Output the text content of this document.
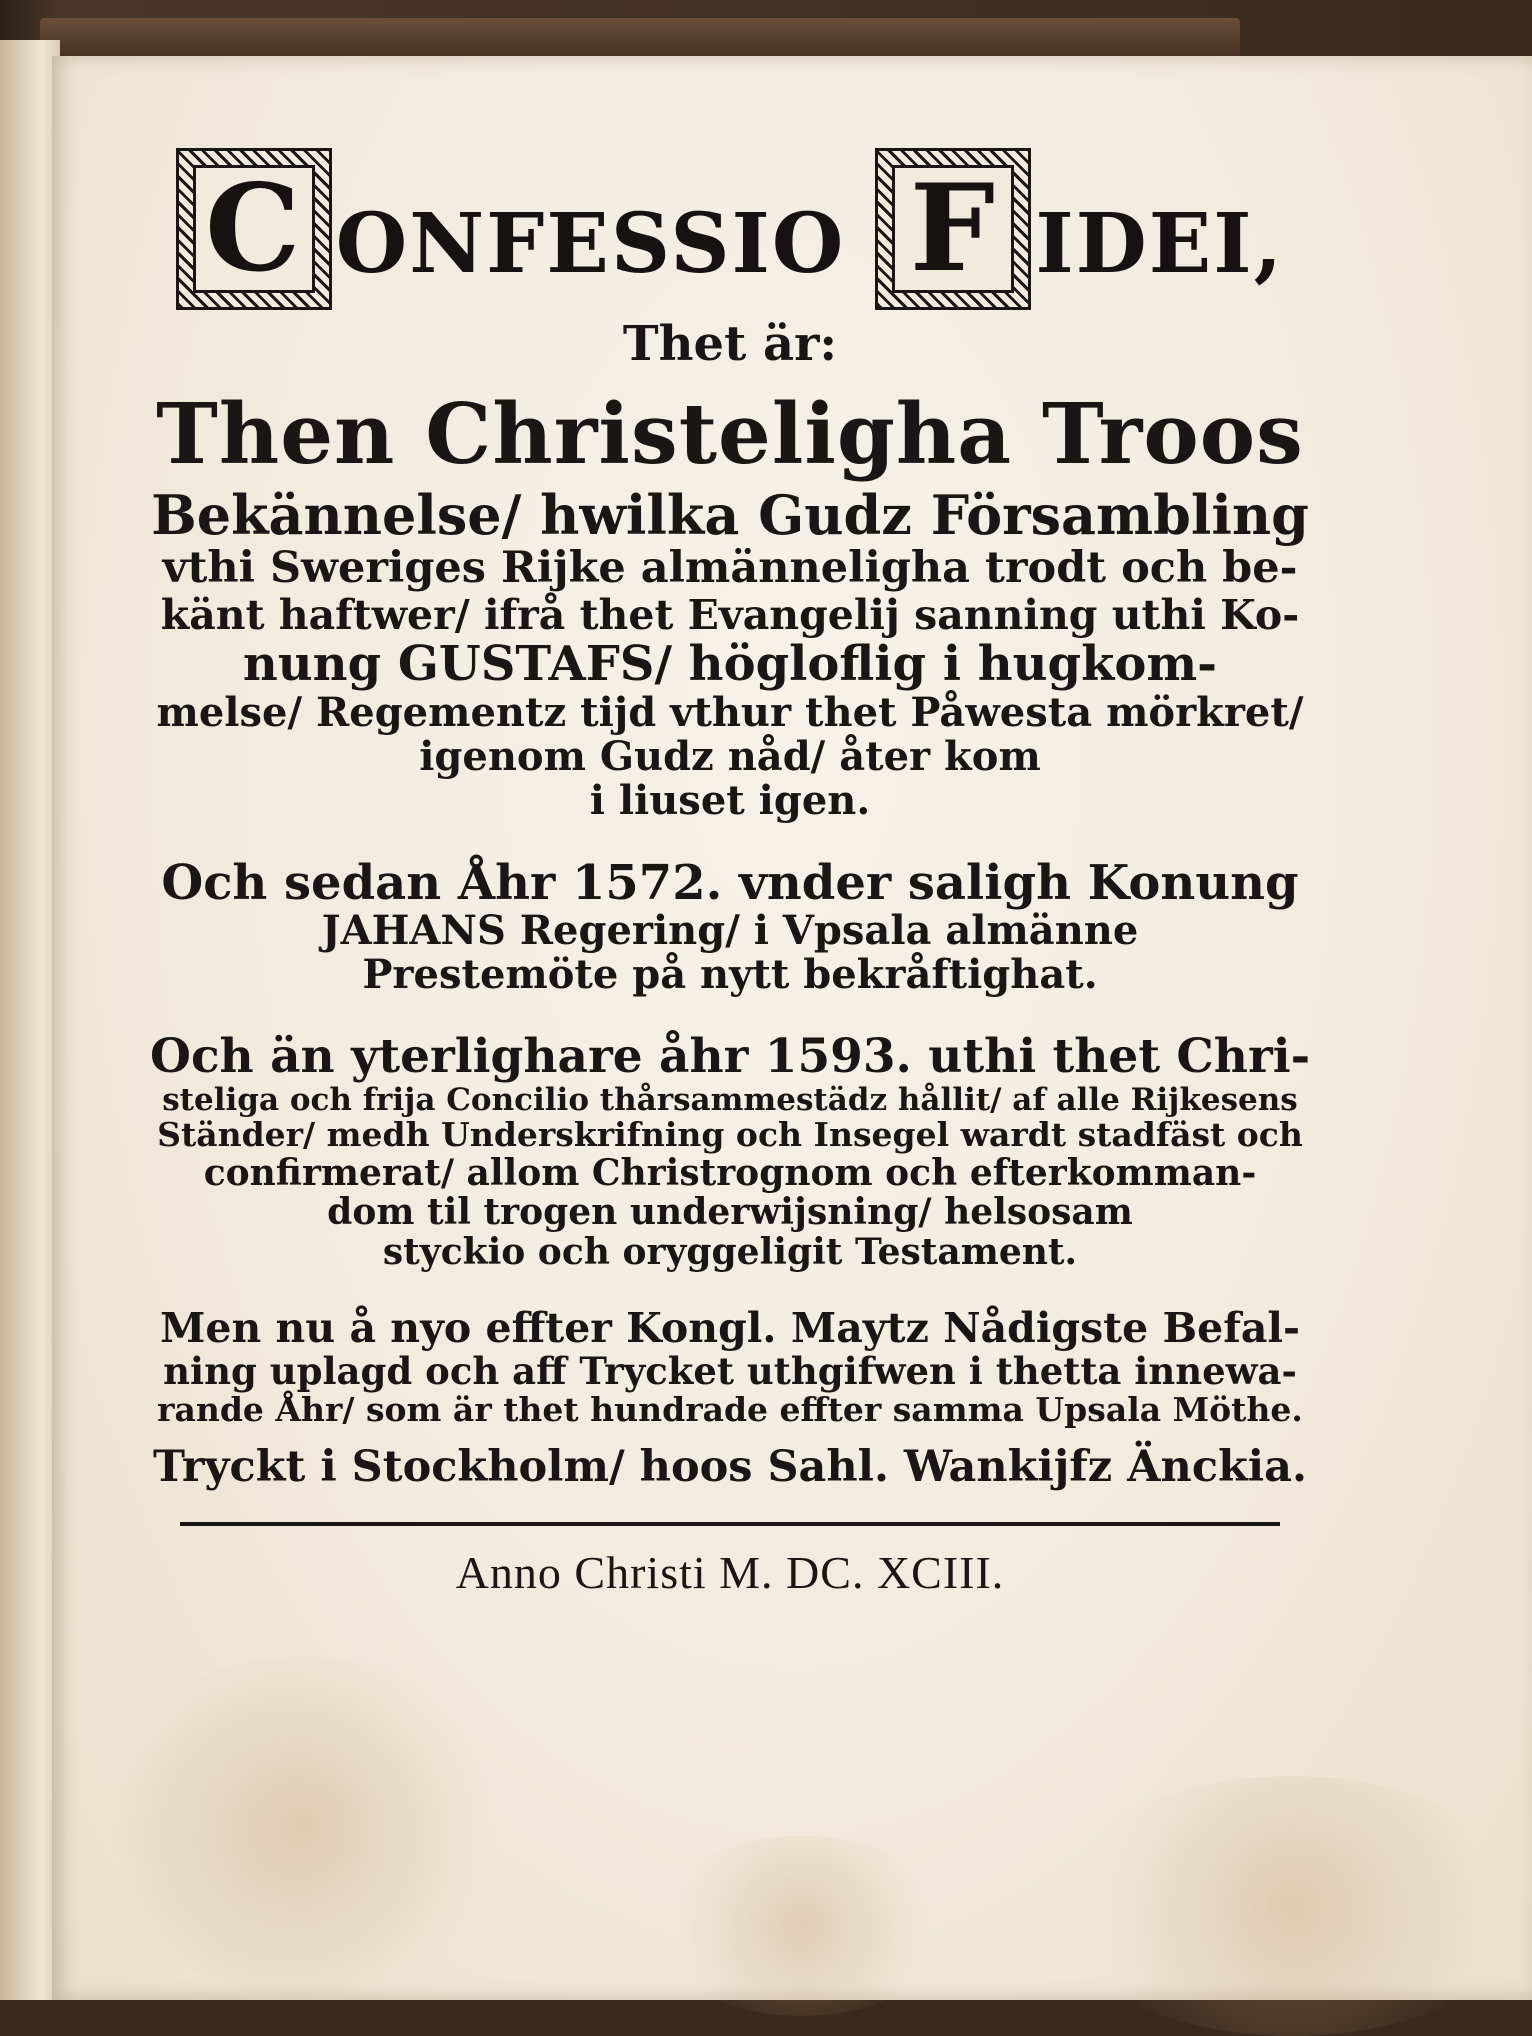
C ONFESSIO F IDEI,
Thet är:
Then Christeligha Troos
Bekännelse/ hwilka Gudz Försambling
vthi Sweriges Rijke almänneligha trodt och be-
känt haftwer/ ifrå thet Evangelij sanning uthi Ko-
nung GUSTAFS/ högloflig i hugkom-
melse/ Regementz tijd vthur thet Påwesta mörkret/
igenom Gudz nåd/ åter kom
i liuset igen.
Och sedan Åhr 1572. vnder saligh Konung
JAHANS Regering/ i Vpsala almänne
Prestemöte på nytt bekråftighat.
Och än yterlighare åhr 1593. uthi thet Chri-
steliga och frija Concilio thårsammestädz hållit/ af alle Rijkesens
Ständer/ medh Underskrifning och Insegel wardt stadfäst och
confirmerat/ allom Christrognom och efterkomman-
dom til trogen underwijsning/ helsosam
styckio och oryggeligit Testament.
Men nu å nyo effter Kongl. Maytz Nådigste Befal-
ning uplagd och aff Trycket uthgifwen i thetta innewa-
rande Åhr/ som är thet hundrade effter samma Upsala Möthe.
Tryckt i Stockholm/ hoos Sahl. Wankijfz Änckia.
Anno Christi M. DC. XCIII.
